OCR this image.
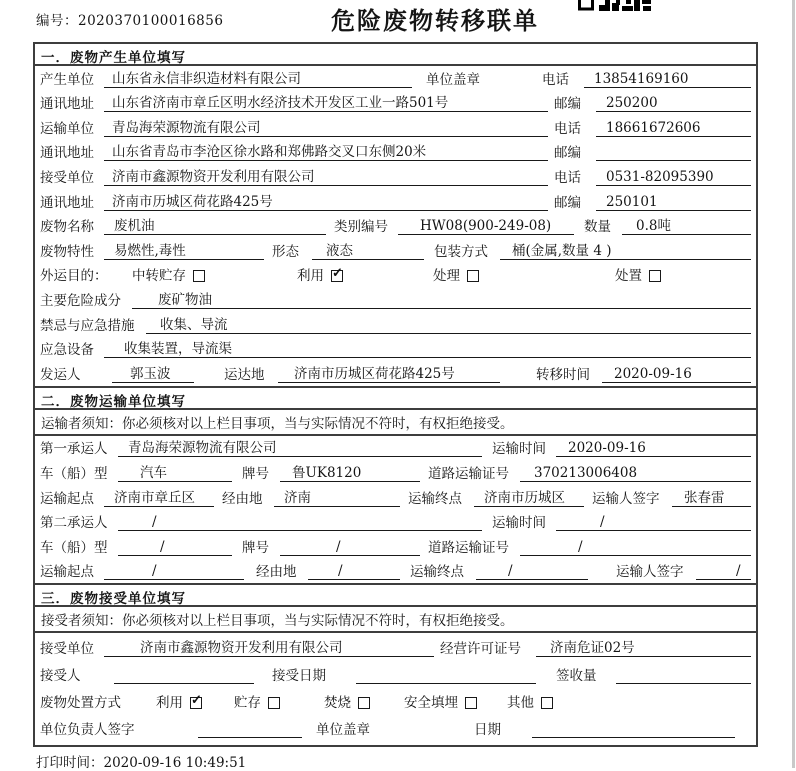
编号：2020370100016856	危险废物转移联单
一．废物产生单位填写
产生单位	山东省永信非织造材料有限公司	单位盖章	电话	13854169160
通讯地址	山东省济南市章丘区明水经济技术开发区工业一路501号	邮编	250200
运输单位	青岛海荣源物流有限公司	电话	18661672606
通讯地址	山东省青岛市李沧区徐水路和郑佛路交叉口东侧20米	邮编
接受单位	济南市鑫源物资开发利用有限公司	电话	0531-82095390
通讯地址	济南市历城区荷花路425号	邮编	250101
废物名称	废机油	类别编号	HW08(900-249-08)	数量	0.8吨
废物特性	易燃性,毒性	形态	液态	包装方式	桶(金属,数量 4 )
外运目的：	中转贮存	利用 ✓	处理	处置
主要危险成分	废矿物油
禁忌与应急措施	收集、导流
应急设备	收集装置，导流渠
发运人	郭玉波	运达地	济南市历城区荷花路425号	转移时间	2020-09-16
二．废物运输单位填写
运输者须知：你必须核对以上栏目事项，当与实际情况不符时，有权拒绝接受。
第一承运人	青岛海荣源物流有限公司	运输时间	2020-09-16
车（船）型	汽车	牌号	鲁UK8120	道路运输证号	370213006408
运输起点	济南市章丘区	经由地	济南	运输终点	济南市历城区	运输人签字	张春雷
第二承运人	/	运输时间	/
车（船）型	/	牌号	/	道路运输证号	/
运输起点	/	经由地	/	运输终点	/	运输人签字	/
三．废物接受单位填写
接受者须知：你必须核对以上栏目事项，当与实际情况不符时，有权拒绝接受。
接受单位	济南市鑫源物资开发利用有限公司	经营许可证号	济南危证02号
接受人	接受日期	签收量
废物处置方式	利用 ✓	贮存	焚烧	安全填埋	其他
单位负责人签字	单位盖章	日期
打印时间：2020-09-16 10:49:51
